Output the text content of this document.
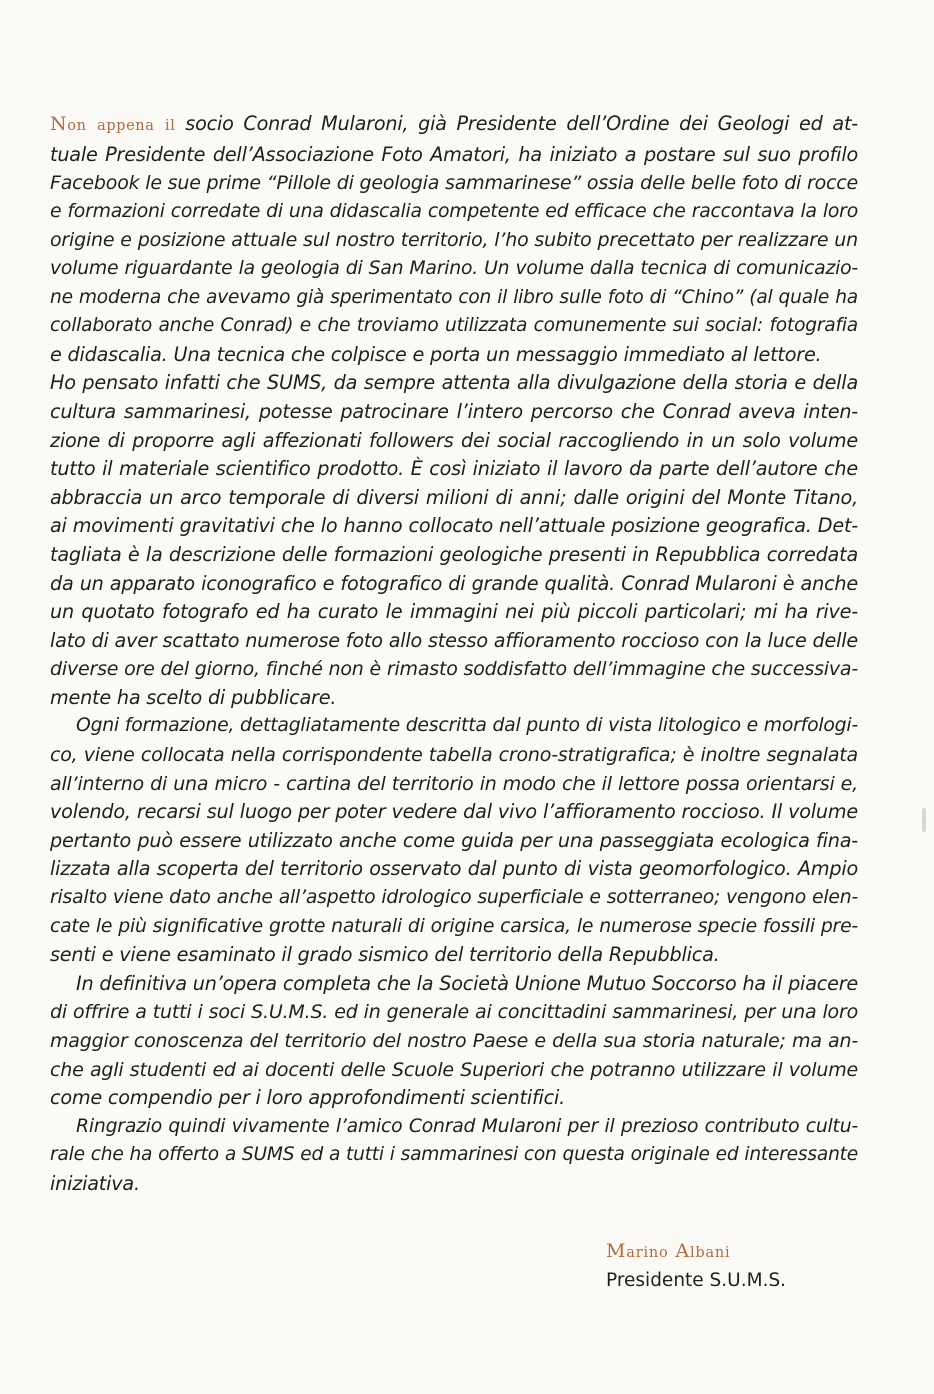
Non appena il socio Conrad Mularoni, già Presidente dell’Ordine dei Geologi ed at-
tuale Presidente dell’Associazione Foto Amatori, ha iniziato a postare sul suo profilo
Facebook le sue prime “Pillole di geologia sammarinese” ossia delle belle foto di rocce
e formazioni corredate di una didascalia competente ed efficace che raccontava la loro
origine e posizione attuale sul nostro territorio, l’ho subito precettato per realizzare un
volume riguardante la geologia di San Marino. Un volume dalla tecnica di comunicazio-
ne moderna che avevamo già sperimentato con il libro sulle foto di “Chino” (al quale ha
collaborato anche Conrad) e che troviamo utilizzata comunemente sui social: fotografia
e didascalia. Una tecnica che colpisce e porta un messaggio immediato al lettore.
Ho pensato infatti che SUMS, da sempre attenta alla divulgazione della storia e della
cultura sammarinesi, potesse patrocinare l’intero percorso che Conrad aveva inten-
zione di proporre agli affezionati followers dei social raccogliendo in un solo volume
tutto il materiale scientifico prodotto. È così iniziato il lavoro da parte dell’autore che
abbraccia un arco temporale di diversi milioni di anni; dalle origini del Monte Titano,
ai movimenti gravitativi che lo hanno collocato nell’attuale posizione geografica. Det-
tagliata è la descrizione delle formazioni geologiche presenti in Repubblica corredata
da un apparato iconografico e fotografico di grande qualità. Conrad Mularoni è anche
un quotato fotografo ed ha curato le immagini nei più piccoli particolari; mi ha rive-
lato di aver scattato numerose foto allo stesso affioramento roccioso con la luce delle
diverse ore del giorno, finché non è rimasto soddisfatto dell’immagine che successiva-
mente ha scelto di pubblicare.
Ogni formazione, dettagliatamente descritta dal punto di vista litologico e morfologi-
co, viene collocata nella corrispondente tabella crono-stratigrafica; è inoltre segnalata
all’interno di una micro - cartina del territorio in modo che il lettore possa orientarsi e,
volendo, recarsi sul luogo per poter vedere dal vivo l’affioramento roccioso. Il volume
pertanto può essere utilizzato anche come guida per una passeggiata ecologica fina-
lizzata alla scoperta del territorio osservato dal punto di vista geomorfologico. Ampio
risalto viene dato anche all’aspetto idrologico superficiale e sotterraneo; vengono elen-
cate le più significative grotte naturali di origine carsica, le numerose specie fossili pre-
senti e viene esaminato il grado sismico del territorio della Repubblica.
In definitiva un’opera completa che la Società Unione Mutuo Soccorso ha il piacere
di offrire a tutti i soci S.U.M.S. ed in generale ai concittadini sammarinesi, per una loro
maggior conoscenza del territorio del nostro Paese e della sua storia naturale; ma an-
che agli studenti ed ai docenti delle Scuole Superiori che potranno utilizzare il volume
come compendio per i loro approfondimenti scientifici.
Ringrazio quindi vivamente l’amico Conrad Mularoni per il prezioso contributo cultu-
rale che ha offerto a SUMS ed a tutti i sammarinesi con questa originale ed interessante
iniziativa.
Marino Albani
Presidente S.U.M.S.
